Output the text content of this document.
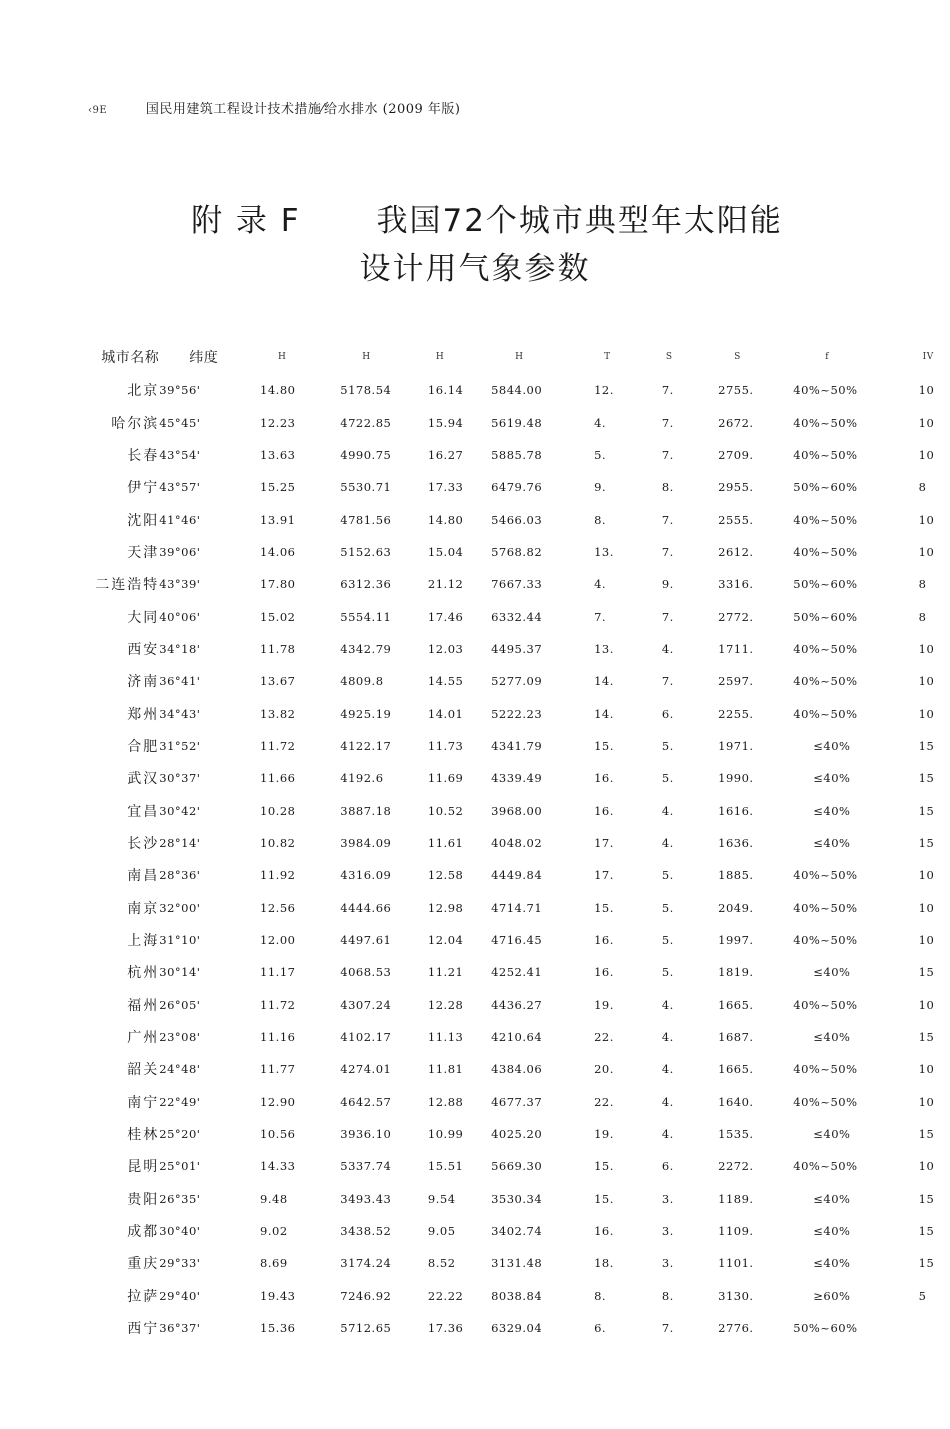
‹9E	国民用建筑工程设计技术措施⁄给水排水 (2009 年版)
附 录 F 我国72个城市典型年太阳能
设计用气象参数
城市名称	纬度	H	H	H	H	T	S	S	f	IV
北京	39°56'	14.80	5178.54	16.14	5844.00	12.	7.	2755.	40%~50%	10
哈尔滨	45°45'	12.23	4722.85	15.94	5619.48	4.	7.	2672.	40%~50%	10
长春	43°54'	13.63	4990.75	16.27	5885.78	5.	7.	2709.	40%~50%	10
伊宁	43°57'	15.25	5530.71	17.33	6479.76	9.	8.	2955.	50%~60%	8
沈阳	41°46'	13.91	4781.56	14.80	5466.03	8.	7.	2555.	40%~50%	10
天津	39°06'	14.06	5152.63	15.04	5768.82	13.	7.	2612.	40%~50%	10
二连浩特	43°39'	17.80	6312.36	21.12	7667.33	4.	9.	3316.	50%~60%	8
大同	40°06'	15.02	5554.11	17.46	6332.44	7.	7.	2772.	50%~60%	8
西安	34°18'	11.78	4342.79	12.03	4495.37	13.	4.	1711.	40%~50%	10
济南	36°41'	13.67	4809.8	14.55	5277.09	14.	7.	2597.	40%~50%	10
郑州	34°43'	13.82	4925.19	14.01	5222.23	14.	6.	2255.	40%~50%	10
合肥	31°52'	11.72	4122.17	11.73	4341.79	15.	5.	1971.	≤40%	15
武汉	30°37'	11.66	4192.6	11.69	4339.49	16.	5.	1990.	≤40%	15
宜昌	30°42'	10.28	3887.18	10.52	3968.00	16.	4.	1616.	≤40%	15
长沙	28°14'	10.82	3984.09	11.61	4048.02	17.	4.	1636.	≤40%	15
南昌	28°36'	11.92	4316.09	12.58	4449.84	17.	5.	1885.	40%~50%	10
南京	32°00'	12.56	4444.66	12.98	4714.71	15.	5.	2049.	40%~50%	10
上海	31°10'	12.00	4497.61	12.04	4716.45	16.	5.	1997.	40%~50%	10
杭州	30°14'	11.17	4068.53	11.21	4252.41	16.	5.	1819.	≤40%	15
福州	26°05'	11.72	4307.24	12.28	4436.27	19.	4.	1665.	40%~50%	10
广州	23°08'	11.16	4102.17	11.13	4210.64	22.	4.	1687.	≤40%	15
韶关	24°48'	11.77	4274.01	11.81	4384.06	20.	4.	1665.	40%~50%	10
南宁	22°49'	12.90	4642.57	12.88	4677.37	22.	4.	1640.	40%~50%	10
桂林	25°20'	10.56	3936.10	10.99	4025.20	19.	4.	1535.	≤40%	15
昆明	25°01'	14.33	5337.74	15.51	5669.30	15.	6.	2272.	40%~50%	10
贵阳	26°35'	9.48	3493.43	9.54	3530.34	15.	3.	1189.	≤40%	15
成都	30°40'	9.02	3438.52	9.05	3402.74	16.	3.	1109.	≤40%	15
重庆	29°33'	8.69	3174.24	8.52	3131.48	18.	3.	1101.	≤40%	15
拉萨	29°40'	19.43	7246.92	22.22	8038.84	8.	8.	3130.	≥60%	5
西宁	36°37'	15.36	5712.65	17.36	6329.04	6.	7.	2776.	50%~60%	
